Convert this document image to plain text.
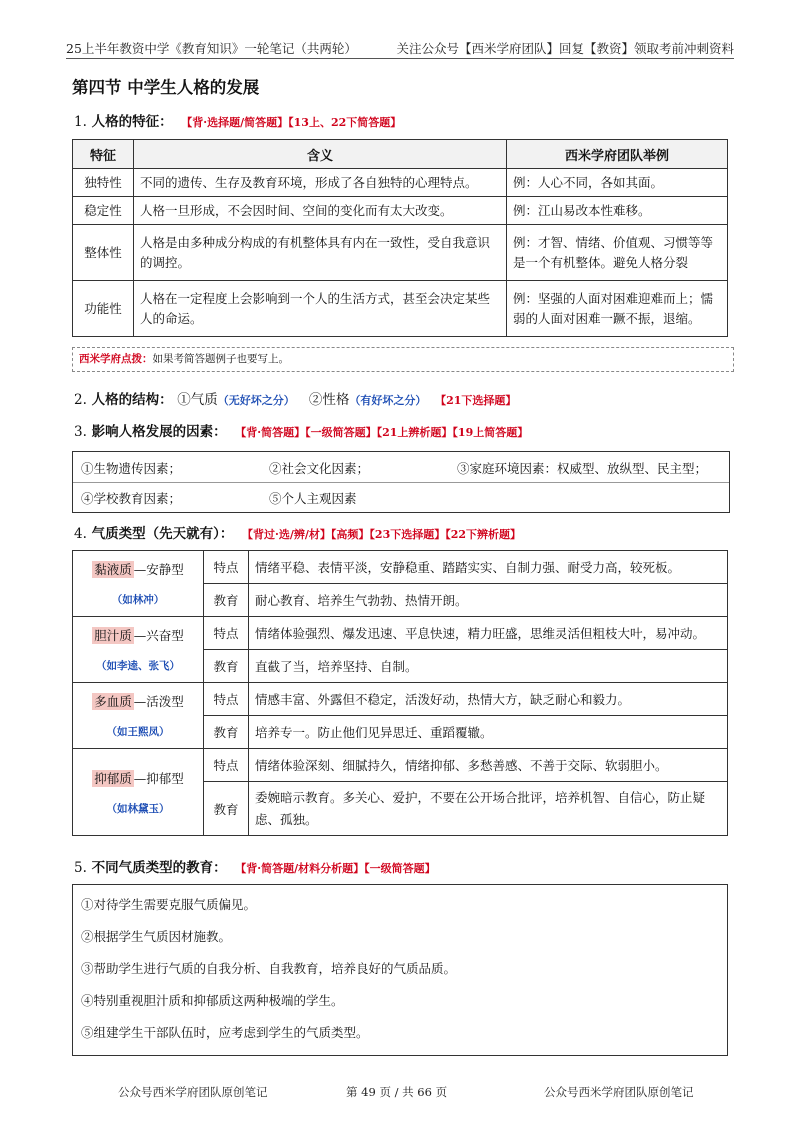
25上半年教资中学《教育知识》一轮笔记（共两轮）	关注公众号【西米学府团队】回复【教资】领取考前冲刺资料
第四节 中学生人格的发展
1. 人格的特征： 【背·选择题/简答题】【13上、22下简答题】
特征	含义	西米学府团队举例
独特性	不同的遗传、生存及教育环境，形成了各自独特的心理特点。	例：人心不同，各如其面。
稳定性	人格一旦形成，不会因时间、空间的变化而有太大改变。	例：江山易改本性难移。
整体性	人格是由多种成分构成的有机整体具有内在一致性，受自我意识的调控。	例：才智、情绪、价值观、习惯等等是一个有机整体。避免人格分裂
功能性	人格在一定程度上会影响到一个人的生活方式，甚至会决定某些人的命运。	例：坚强的人面对困难迎难而上；懦弱的人面对困难一蹶不振，退缩。
西米学府点拨：如果考简答题例子也要写上。
2. 人格的结构： ①气质（无好坏之分） ②性格（有好坏之分） 【21下选择题】
3. 影响人格发展的因素： 【背·简答题】【一级简答题】【21上辨析题】【19上简答题】
①生物遗传因素；	②社会文化因素；	③家庭环境因素：权威型、放纵型、民主型；
④学校教育因素；	⑤个人主观因素
4. 气质类型（先天就有）： 【背过·选/辨/材】【高频】【23下选择题】【22下辨析题】
黏液质 —安静型
（如林冲）	特点	情绪平稳、表情平淡，安静稳重、踏踏实实、自制力强、耐受力高，较死板。
	教育	耐心教育、培养生气勃勃、热情开朗。

胆汁质 —兴奋型
（如李逵、张飞）	特点	情绪体验强烈、爆发迅速、平息快速，精力旺盛，思维灵活但粗枝大叶，易冲动。
	教育	直截了当，培养坚持、自制。

多血质 —活泼型
（如王熙凤）	特点	情感丰富、外露但不稳定，活泼好动，热情大方，缺乏耐心和毅力。
	教育	培养专一。防止他们见异思迁、重蹈覆辙。

抑郁质 —抑郁型
（如林黛玉）	特点	情绪体验深刻、细腻持久，情绪抑郁、多愁善感、不善于交际、软弱胆小。
	教育	委婉暗示教育。多关心、爱护，不要在公开场合批评，培养机智、自信心，防止疑虑、孤独。
5. 不同气质类型的教育： 【背·简答题/材料分析题】【一级简答题】
①对待学生需要克服气质偏见。
②根据学生气质因材施教。
③帮助学生进行气质的自我分析、自我教育，培养良好的气质品质。
④特别重视胆汁质和抑郁质这两种极端的学生。
⑤组建学生干部队伍时，应考虑到学生的气质类型。
公众号西米学府团队原创笔记	第 49 页 / 共 66 页	公众号西米学府团队原创笔记
